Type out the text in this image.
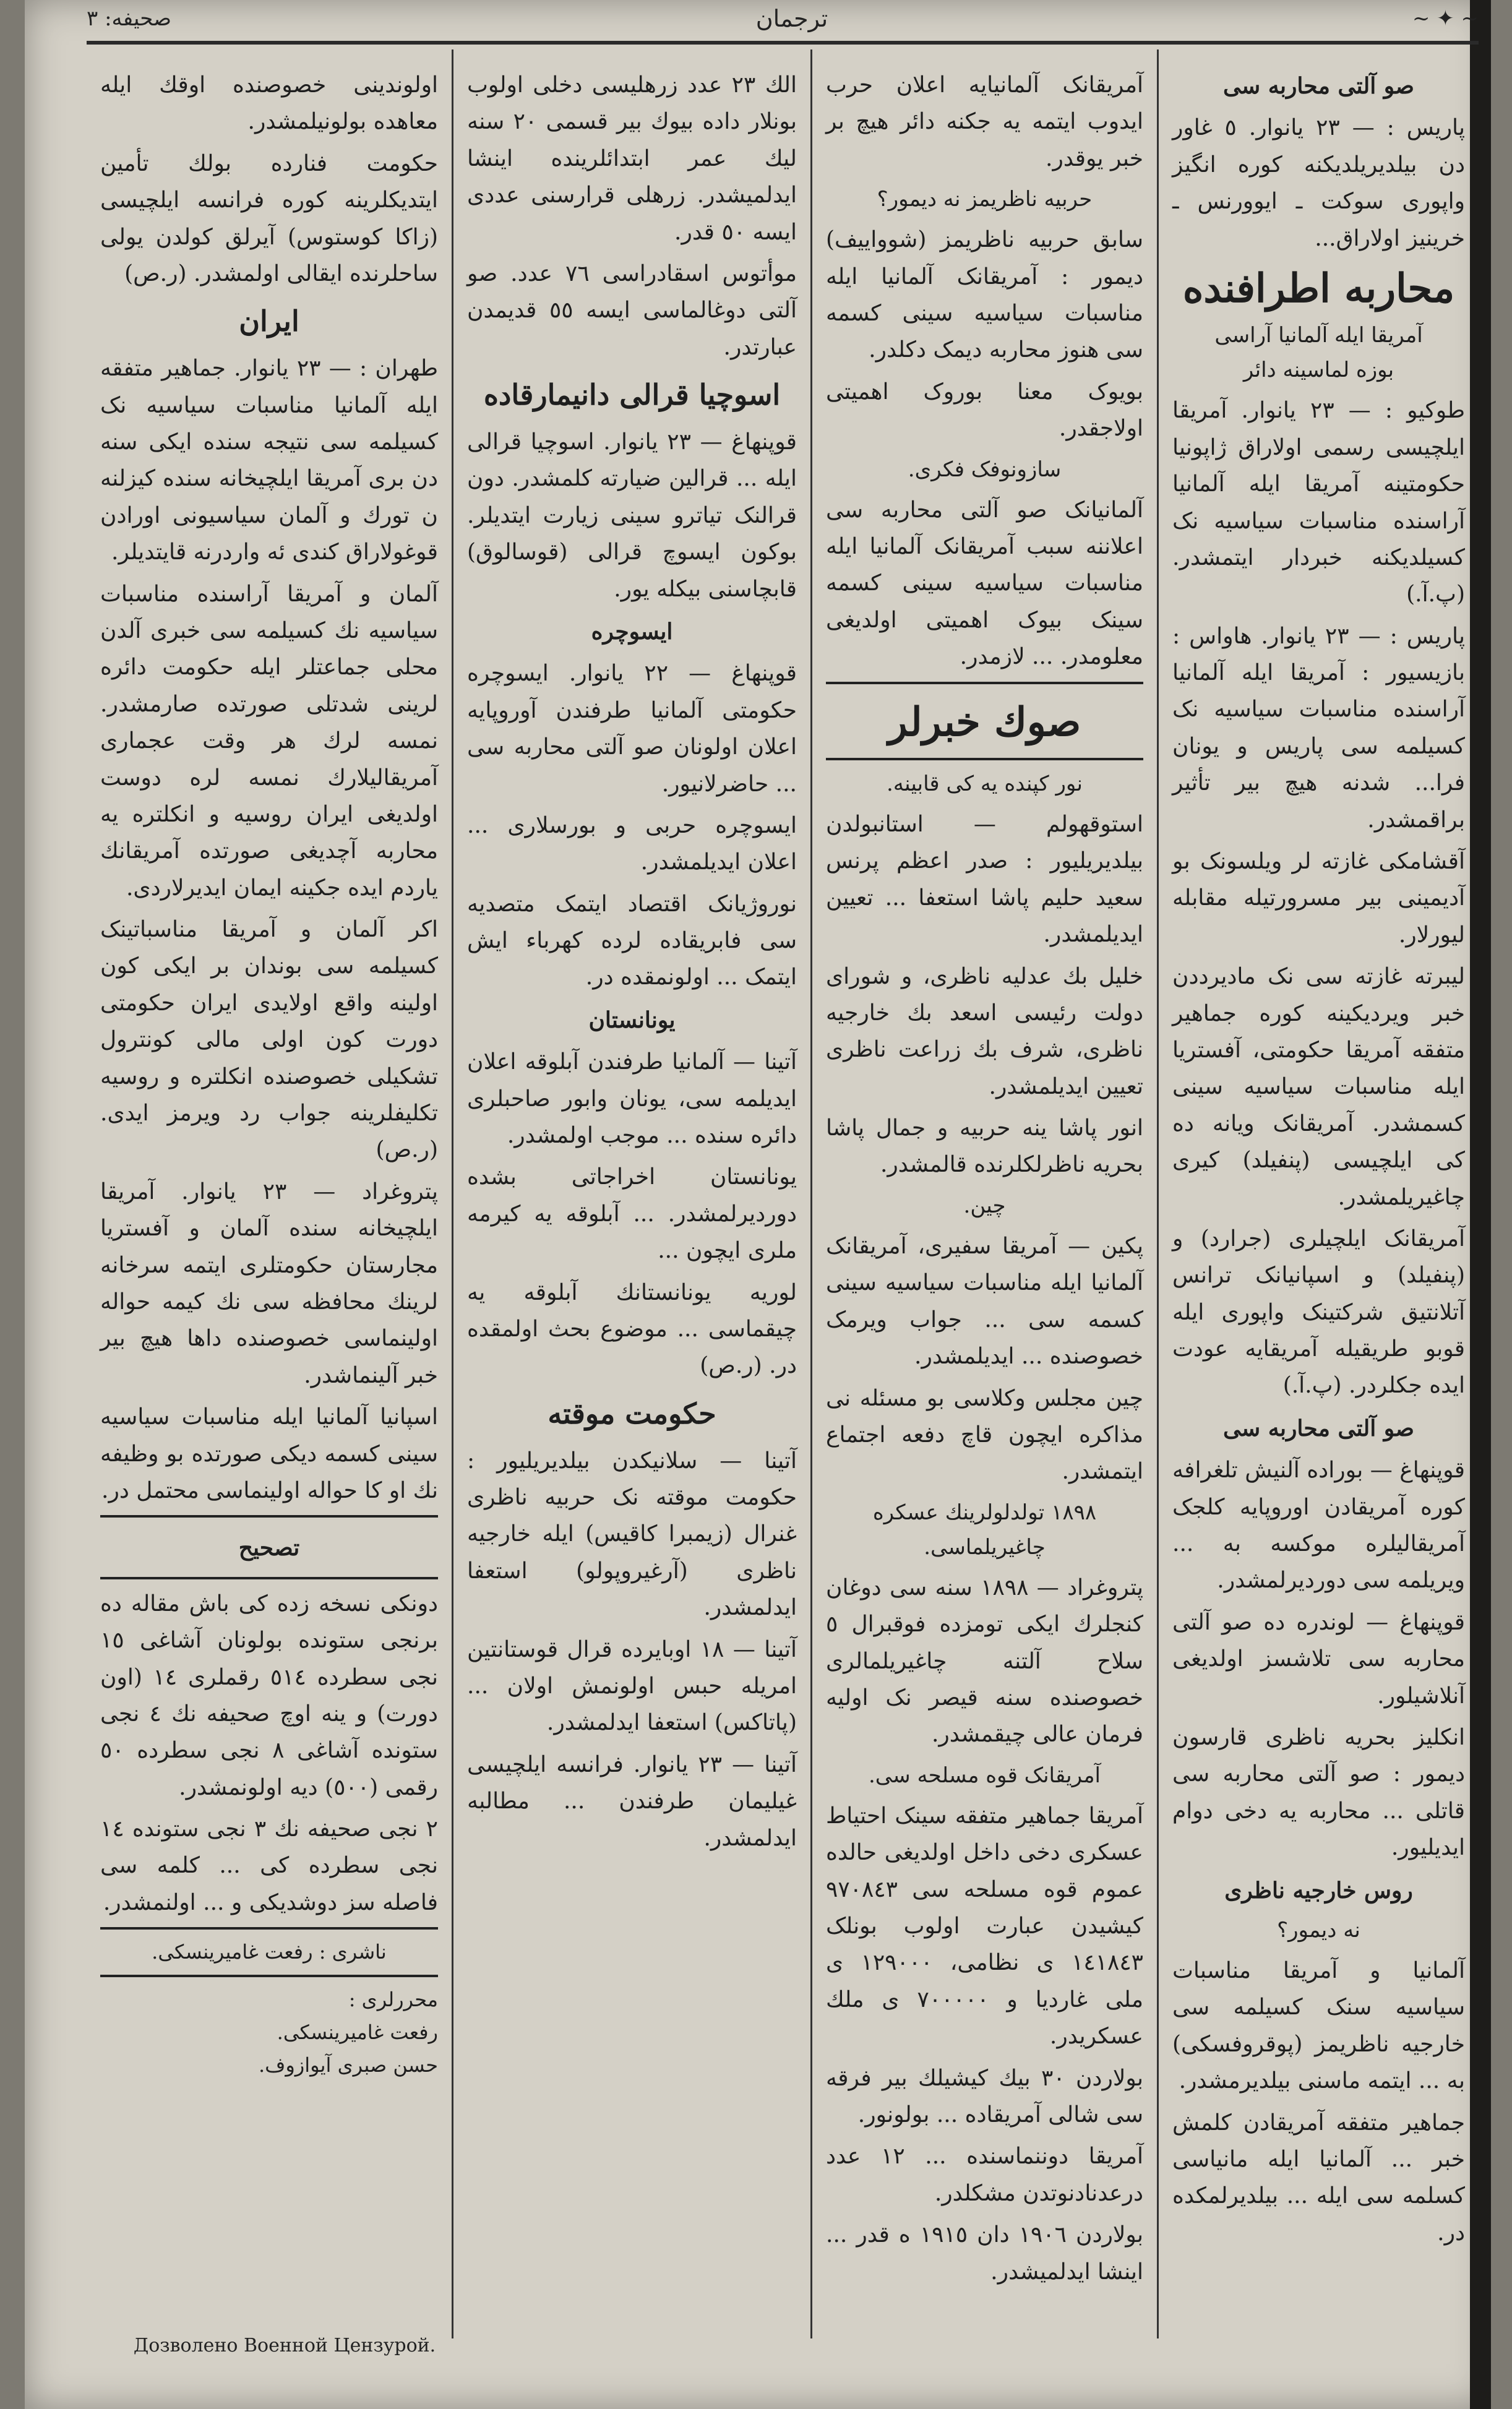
صحيفه: ٣	ترجمان	~ ✦ ~
صو آلتی محاربه سی

پاریس : — ٢٣ یانوار. ٥ غاور دن بیلدیریلدیکنه کوره انگیز واپوری سوکت ـ ایوورنس ـ خرینیز اولاراق...

محاربه اطرافنده
آمریقا ایله آلمانیا آراسی
بوزه لماسینه دائر

طوکیو : — ٢٣ یانوار. آمریقا ایلچیسی رسمی اولاراق ژاپونیا حکومتینه آمریقا ایله آلمانیا آراسنده مناسبات سیاسیه نک کسیلدیکنه خبردار ایتمشدر. (پ.آ.)

پاریس : — ٢٣ یانوار. هاواس : بازیسیور : آمریقا ایله آلمانیا آراسنده مناسبات سیاسیه نک کسیلمه سی پاریس و یونان فرا... شدنه هیچ بیر تأثیر براقمشدر.

آقشامکی غازته لر ویلسونک بو آدیمینی بیر مسرورتیله مقابله لیورلار.

لیبرته غازته سی نک مادیرددن خبر ویردیکینه کوره جماهیر متفقه آمریقا حکومتی، آفستریا ایله مناسبات سیاسیه سینی کسمشدر. آمریقانک ویانه ده کی ایلچیسی (پنفیلد) کیری چاغیریلمشدر.

آمریقانک ایلچیلری (جرارد) و (پنفیلد) و اسپانیانک ترانس آتلانتیق شرکتینک واپوری ایله قوبو طریقیله آمریقایه عودت ایده جکلردر. (پ.آ.)

صو آلتی محاربه سی

قوپنهاغ — بوراده آلنیش تلغرافه کوره آمریقادن اوروپایه کلجک آمریقالیلره موکسه به ... ویریلمه سی دوردیرلمشدر.

قوپنهاغ — لوندره ده صو آلتی محاربه سی تلاشسز اولدیغی آنلاشیلور.

انکلیز بحریه ناظری قارسون دیمور : صو آلتی محاربه سی قاتلی ... محاربه یه دخی دوام ایدیلیور.

روس خارجیه ناظری
نه دیمور؟

آلمانیا و آمریقا مناسبات سیاسیه سنک کسیلمه سی خارجیه ناظریمز (پوقروفسکی) به ... ایتمه ماسنی بیلدیرمشدر.

جماهیر متفقه آمریقادن کلمش خبر ... آلمانیا ایله مانیاسی کسلمه سی ایله ... بیلدیرلمکده در.

آمریقانک آلمانیایه اعلان حرب ایدوب ایتمه یه جکنه دائر هیچ بر خبر یوقدر.

حربیه ناظریمز نه دیمور؟

سابق حربیه ناظریمز (شوواییف) دیمور : آمریقانک آلمانیا ایله مناسبات سیاسیه سینی کسمه سی هنوز محاربه دیمک دکلدر.

بویوک معنا بوروک اهمیتی اولاجقدر.

سازونوفک فکری.

آلمانیانک صو آلتی محاربه سی اعلاننه سبب آمریقانک آلمانیا ایله مناسبات سیاسیه سینی کسمه سینک بیوک اهمیتی اولدیغی معلومدر. ... لازمدر.

صوك خبرلر
نور کپنده یه کی قابینه.

استوقهولم — استانبولدن بیلدیریلیور : صدر اعظم پرنس سعید حلیم پاشا استعفا ... تعیین ایدیلمشدر.

خلیل بك عدلیه ناظری، و شورای دولت رئیسی اسعد بك خارجیه ناظری، شرف بك زراعت ناظری تعیین ایدیلمشدر.

انور پاشا ینه حربیه و جمال پاشا بحریه ناظرلکلرنده قالمشدر.

چین.

پکین — آمریقا سفیری، آمریقانک آلمانیا ایله مناسبات سیاسیه سینی کسمه سی ... جواب ویرمک خصوصنده ... ایدیلمشدر.

چین مجلس وکلاسی بو مسئله نی مذاکره ایچون قاچ دفعه اجتماع ایتمشدر.

١٨٩٨ تولدلولرینك عسکره
چاغیریلماسی.

پتروغراد — ١٨٩٨ سنه سی دوغان کنجلرك ایکی تومزده فوقبرال ٥ سلاح آلتنه چاغیریلمالری خصوصنده سنه قیصر نک اولیه فرمان عالی چیقمشدر.

آمریقانک قوه مسلحه سی.

آمریقا جماهیر متفقه سینک احتیاط عسکری دخی داخل اولدیغی حالده عموم قوه مسلحه سی ٩٧٠٨٤٣ کیشیدن عبارت اولوب بونلک ١٤١٨٤٣ ی نظامی، ١٢٩٠٠٠ ی ملی غاردیا و ٧٠٠٠٠٠ ی ملك عسکریدر.

بولاردن ٣٠ بیك کیشیلك بیر فرقه سی شالی آمریقاده ... بولونور.

آمریقا دوننماسنده ... ١٢ عدد درعدنادنوتدن مشکلدر.

بولاردن ١٩٠٦ دان ١٩١٥ ه قدر ... اینشا ایدلمیشدر.

الك ٢٣ عدد زرهلیسی دخلی اولوب بونلار داده بیوك بیر قسمی ٢٠ سنه لیك عمر ابتدائلرینده اینشا ایدلمیشدر. زرهلی قرارسنی عددی ایسه ٥٠ قدر.

موأتوس اسقادراسی ٧٦ عدد. صو آلتی دوغالماسی ایسه ٥٥ قدیمدن عبارتدر.

اسوچیا قرالی دانیمارقاده

قوپنهاغ — ٢٣ یانوار. اسوچیا قرالی ایله ... قرالین ضیارته کلمشدر. دون قرالنک تیاترو سینی زیارت ایتدیلر. بوکون ایسوچ قرالی (قوسالوق) قابچاسنی بیکله یور.

ایسوچره

قوپنهاغ — ٢٢ یانوار. ایسوچره حکومتی آلمانیا طرفندن آوروپایه اعلان اولونان صو آلتی محاربه سی ... حاضرلانیور.

ایسوچره حربی و بورسلاری ... اعلان ایدیلمشدر.

نوروژیانک اقتصاد ایتمک متصدیه سی فابریقاده لرده کهرباء ایش ایتمک ... اولونمقده در.

یونانستان

آتینا — آلمانیا طرفندن آبلوقه اعلان ایدیلمه سی، یونان وابور صاحبلری دائره سنده ... موجب اولمشدر.

یونانستان اخراجاتی بشده دوردیرلمشدر. ... آبلوقه یه کیرمه ملری ایچون ...

لوریه یونانستانك آبلوقه یه چیقماسی ... موضوع بحث اولمقده در. (ر.ص)

حکومت موقته

آتینا — سلانیکدن بیلدیریلیور : حکومت موقته نک حربیه ناظری غنرال (زیمبرا کاقیس) ایله خارجیه ناظری (آرغیروپولو) استعفا ایدلمشدر.

آتینا — ١٨ اوبایرده قرال قوستانتین امریله حبس اولونمش اولان ... (پاتاکس) استعفا ایدلمشدر.

آتینا — ٢٣ یانوار. فرانسه ایلچیسی غیلیمان طرفندن ... مطالبه ایدلمشدر.

اولوندینی خصوصنده اوقك ایله معاهده بولونیلمشدر.

حکومت فنارده بولك تأمین ایتدیکلرینه کوره فرانسه ایلچیسی (زاکا کوستوس) آیرلق کولدن یولی ساحلرنده ایقالی اولمشدر. (ر.ص)

ایران

طهران : — ٢٣ یانوار. جماهیر متفقه ایله آلمانیا مناسبات سیاسیه نک کسیلمه سی نتیجه سنده ایکی سنه دن بری آمریقا ایلچیخانه سنده کیزلنه ن تورك و آلمان سیاسیونی اورادن قوغولاراق کندی ئه واردرنه قایتدیلر.

آلمان و آمریقا آراسنده مناسبات سیاسیه نك کسیلمه سی خبری آلدن محلی جماعتلر ایله حکومت دائره لرینی شدتلی صورتده صارمشدر. نمسه لرك هر وقت عجماری آمریقالیلارك نمسه لره دوست اولدیغی ایران روسیه و انکلتره یه محاربه آچدیغی صورتده آمریقانك یاردم ایده جکینه ایمان ایدیرلاردی.

اکر آلمان و آمریقا مناسباتینک کسیلمه سی بوندان بر ایکی کون اولینه واقع اولایدی ایران حکومتی دورت کون اولی مالی کونترول تشکیلی خصوصنده انکلتره و روسیه تکلیفلرینه جواب رد ویرمز ایدی. (ر.ص)

پتروغراد — ٢٣ یانوار. آمریقا ایلچیخانه سنده آلمان و آفستریا مجارستان حکومتلری ایتمه سرخانه لرینك محافظه سی نك کیمه حواله اولینماسی خصوصنده داها هیچ بیر خبر آلینماشدر.

اسپانیا آلمانیا ایله مناسبات سیاسیه سینی کسمه دیکی صورتده بو وظیفه نك او کا حواله اولینماسی محتمل در.

تصحیح

دونکی نسخه زده کی باش مقاله ده برنجی ستونده بولونان آشاغی ١٥ نجی سطرده ٥١٤ رقملری ١٤ (اون دورت) و ینه اوچ صحیفه نك ٤ نجی ستونده آشاغی ٨ نجی سطرده ٥٠ رقمی (٥٠٠) دیه اولونمشدر.

٢ نجی صحیفه نك ٣ نجی ستونده ١٤ نجی سطرده کی ... کلمه سی فاصله سز دوشدیکی و ... اولنمشدر.

ناشری : رفعت غامیرینسکی.
محررلری :
رفعت غامیرینسکی.
حسن صبری آیوازوف.
Дозволено Военной Цензурой.
